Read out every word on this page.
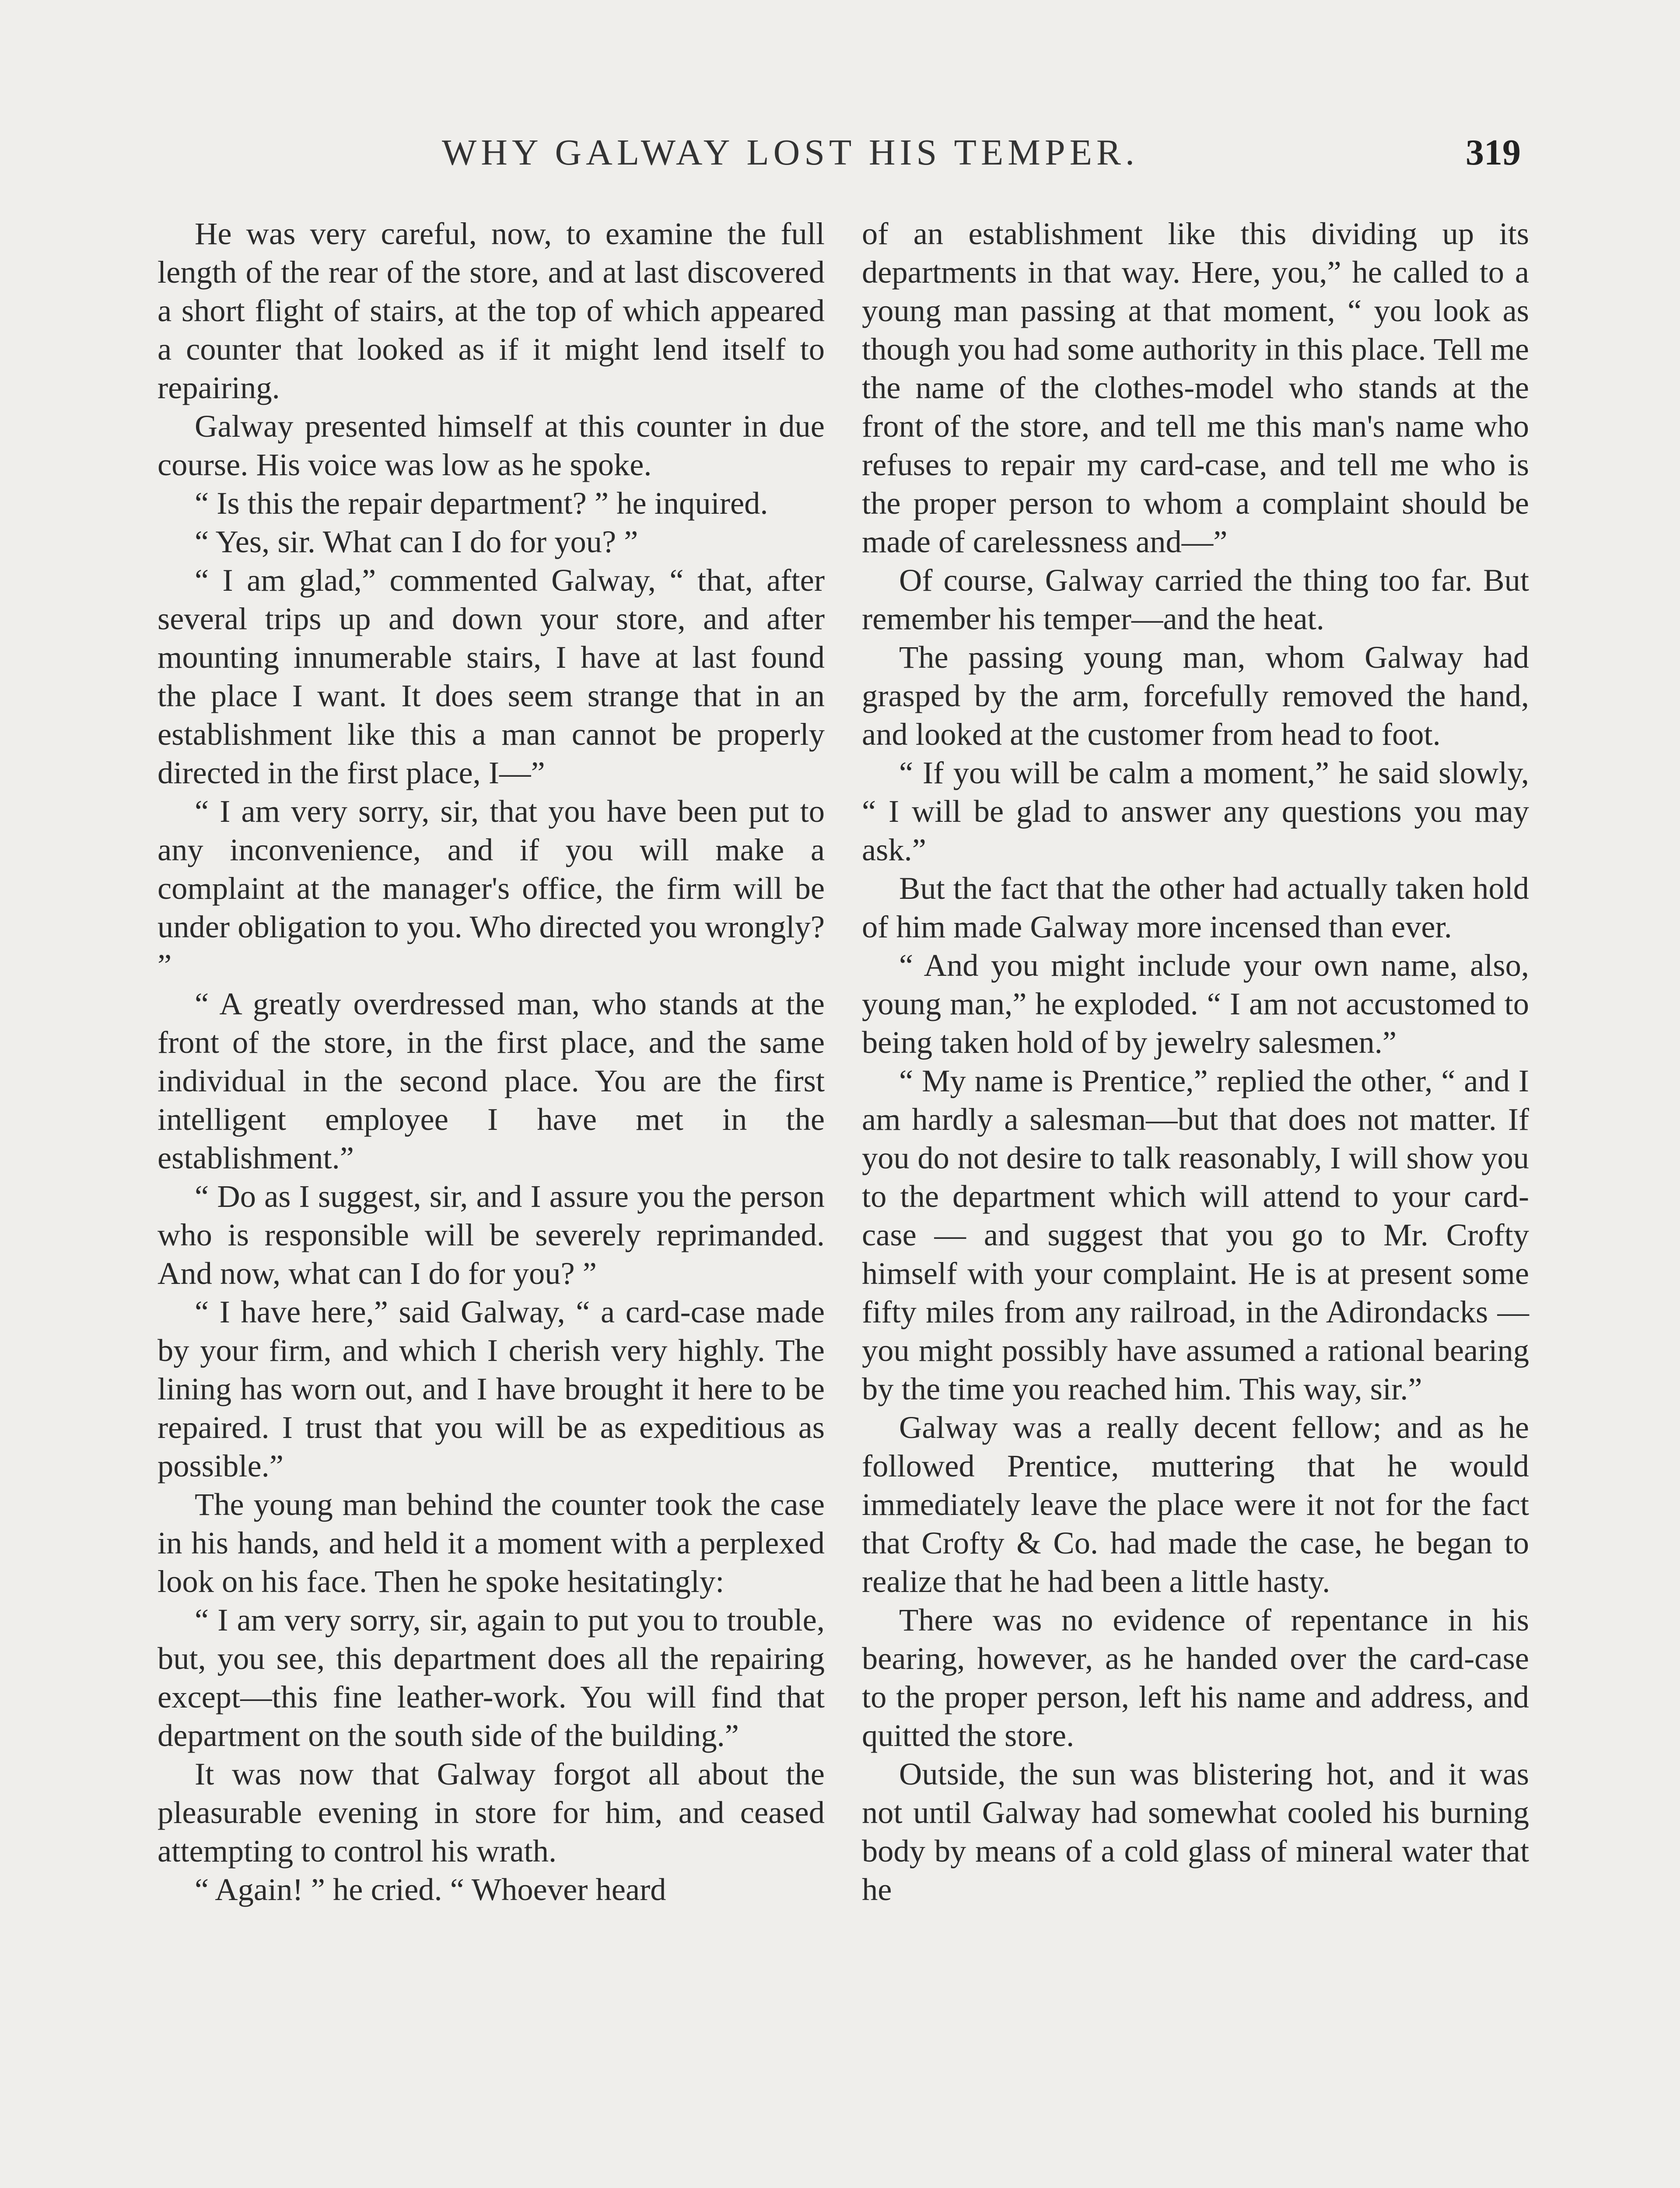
WHY GALWAY LOST HIS TEMPER.	319

He was very careful, now, to examine the full length of the rear of the store, and at last discovered a short flight of stairs, at the top of which appeared a counter that looked as if it might lend itself to repairing.

Galway presented himself at this counter in due course. His voice was low as he spoke.

“ Is this the repair department? ” he inquired.

“ Yes, sir. What can I do for you? ”

“ I am glad,” commented Galway, “ that, after several trips up and down your store, and after mounting innumerable stairs, I have at last found the place I want. It does seem strange that in an establishment like this a man cannot be properly directed in the first place, I—”

“ I am very sorry, sir, that you have been put to any inconvenience, and if you will make a complaint at the manager's office, the firm will be under obligation to you. Who directed you wrongly? ”

“ A greatly overdressed man, who stands at the front of the store, in the first place, and the same individual in the second place. You are the first intelligent employee I have met in the establishment.”

“ Do as I suggest, sir, and I assure you the person who is responsible will be severely reprimanded. And now, what can I do for you? ”

“ I have here,” said Galway, “ a card-case made by your firm, and which I cherish very highly. The lining has worn out, and I have brought it here to be repaired. I trust that you will be as expeditious as possible.”

The young man behind the counter took the case in his hands, and held it a moment with a perplexed look on his face. Then he spoke hesitatingly:

“ I am very sorry, sir, again to put you to trouble, but, you see, this department does all the repairing except—this fine leather-work. You will find that department on the south side of the building.”

It was now that Galway forgot all about the pleasurable evening in store for him, and ceased attempting to control his wrath.

“ Again! ” he cried. “ Whoever heard

of an establishment like this dividing up its departments in that way. Here, you,” he called to a young man passing at that moment, “ you look as though you had some authority in this place. Tell me the name of the clothes-model who stands at the front of the store, and tell me this man's name who refuses to repair my card-case, and tell me who is the proper person to whom a complaint should be made of carelessness and—”

Of course, Galway carried the thing too far. But remember his temper—and the heat.

The passing young man, whom Galway had grasped by the arm, forcefully removed the hand, and looked at the customer from head to foot.

“ If you will be calm a moment,” he said slowly, “ I will be glad to answer any questions you may ask.”

But the fact that the other had actually taken hold of him made Galway more incensed than ever.

“ And you might include your own name, also, young man,” he exploded. “ I am not accustomed to being taken hold of by jewelry salesmen.”

“ My name is Prentice,” replied the other, “ and I am hardly a salesman—but that does not matter. If you do not desire to talk reasonably, I will show you to the department which will attend to your card-case — and suggest that you go to Mr. Crofty himself with your complaint. He is at present some fifty miles from any railroad, in the Adirondacks — you might possibly have assumed a rational bearing by the time you reached him. This way, sir.”

Galway was a really decent fellow; and as he followed Prentice, muttering that he would immediately leave the place were it not for the fact that Crofty & Co. had made the case, he began to realize that he had been a little hasty.

There was no evidence of repentance in his bearing, however, as he handed over the card-case to the proper person, left his name and address, and quitted the store.

Outside, the sun was blistering hot, and it was not until Galway had somewhat cooled his burning body by means of a cold glass of mineral water that he
